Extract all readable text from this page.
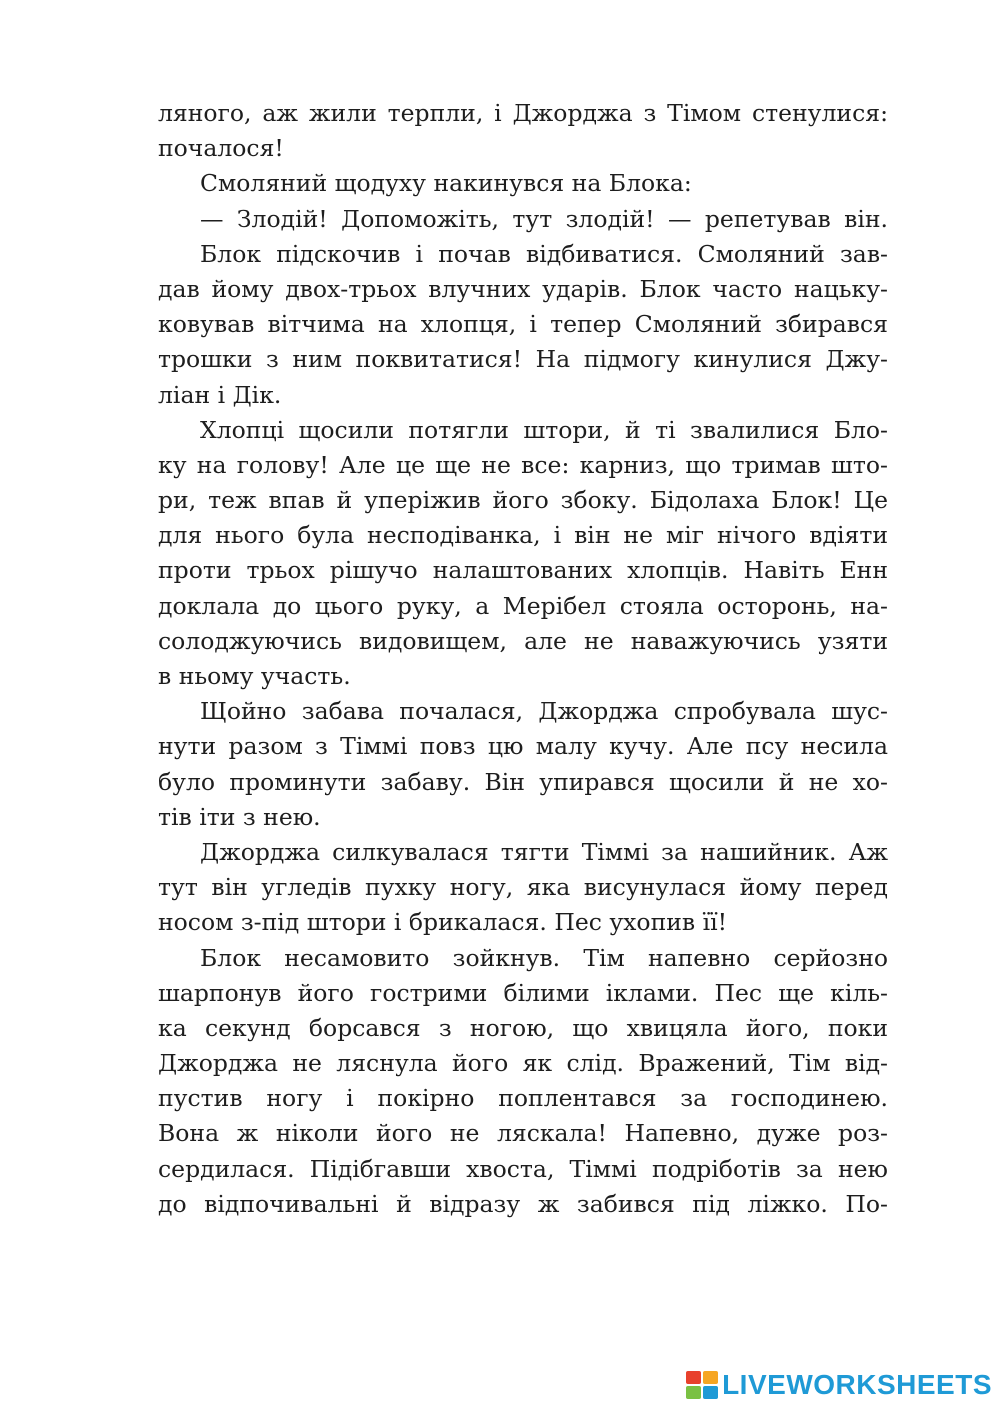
ляного, аж жили терпли, і Джорджа з Тімом стенулися:
почалося!
Смоляний щодуху накинувся на Блока:
— Злодій! Допоможіть, тут злодій! — репетував він.
Блок підскочив і почав відбиватися. Смоляний зав-
дав йому двох-трьох влучних ударів. Блок часто нацьку-
ковував вітчима на хлопця, і тепер Смоляний збирався
трошки з ним поквитатися! На підмогу кинулися Джу-
ліан і Дік.
Хлопці щосили потягли штори, й ті звалилися Бло-
ку на голову! Але це ще не все: карниз, що тримав што-
ри, теж впав й уперіжив його збоку. Бідолаха Блок! Це
для нього була несподіванка, і він не міг нічого вдіяти
проти трьох рішучо налаштованих хлопців. Навіть Енн
доклала до цього руку, а Мерібел стояла осторонь, на-
солоджуючись видовищем, але не наважуючись узяти
в ньому участь.
Щойно забава почалася, Джорджа спробувала шус-
нути разом з Тіммі повз цю малу кучу. Але псу несила
було проминути забаву. Він упирався щосили й не хо-
тів іти з нею.
Джорджа силкувалася тягти Тіммі за нашийник. Аж
тут він угледів пухку ногу, яка висунулася йому перед
носом з-під штори і брикалася. Пес ухопив її!
Блок несамовито зойкнув. Тім напевно серйозно
шарпонув його гострими білими іклами. Пес ще кіль-
ка секунд борсався з ногою, що хвицяла його, поки
Джорджа не ляснула його як слід. Вражений, Тім від-
пустив ногу і покірно поплентався за господинею.
Вона ж ніколи його не ляскала! Напевно, дуже роз-
сердилася. Підібгавши хвоста, Тіммі подріботів за нею
до відпочивальні й відразу ж забився під ліжко. По-
LIVEWORKSHEETS
